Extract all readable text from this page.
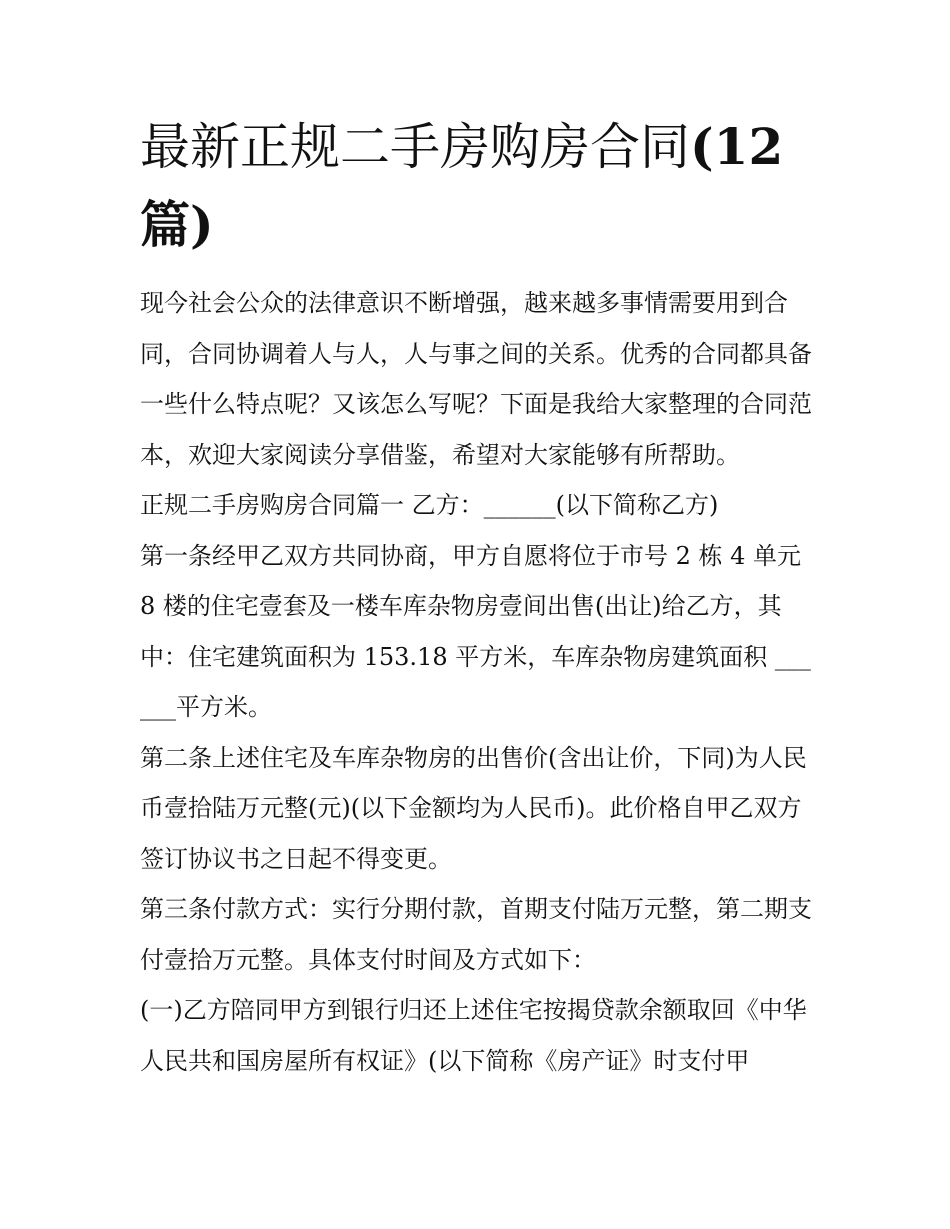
最新正规二手房购房合同(12
篇)

现今社会公众的法律意识不断增强，越来越多事情需要用到合同，合同协调着人与人，人与事之间的关系。优秀的合同都具备一些什么特点呢？又该怎么写呢？下面是我给大家整理的合同范本，欢迎大家阅读分享借鉴，希望对大家能够有所帮助。

正规二手房购房合同篇一 乙方：______(以下简称乙方)

第一条经甲乙双方共同协商，甲方自愿将位于市号 2 栋 4 单元 8 楼的住宅壹套及一楼车库杂物房壹间出售(出让)给乙方，其中：住宅建筑面积为 153.18 平方米，车库杂物房建筑面积 ______平方米。

第二条上述住宅及车库杂物房的出售价(含出让价，下同)为人民币壹拾陆万元整(元)(以下金额均为人民币)。此价格自甲乙双方签订协议书之日起不得变更。

第三条付款方式：实行分期付款，首期支付陆万元整，第二期支付壹拾万元整。具体支付时间及方式如下：

(一)乙方陪同甲方到银行归还上述住宅按揭贷款余额取回《中华人民共和国房屋所有权证》(以下简称《房产证》时支付甲
